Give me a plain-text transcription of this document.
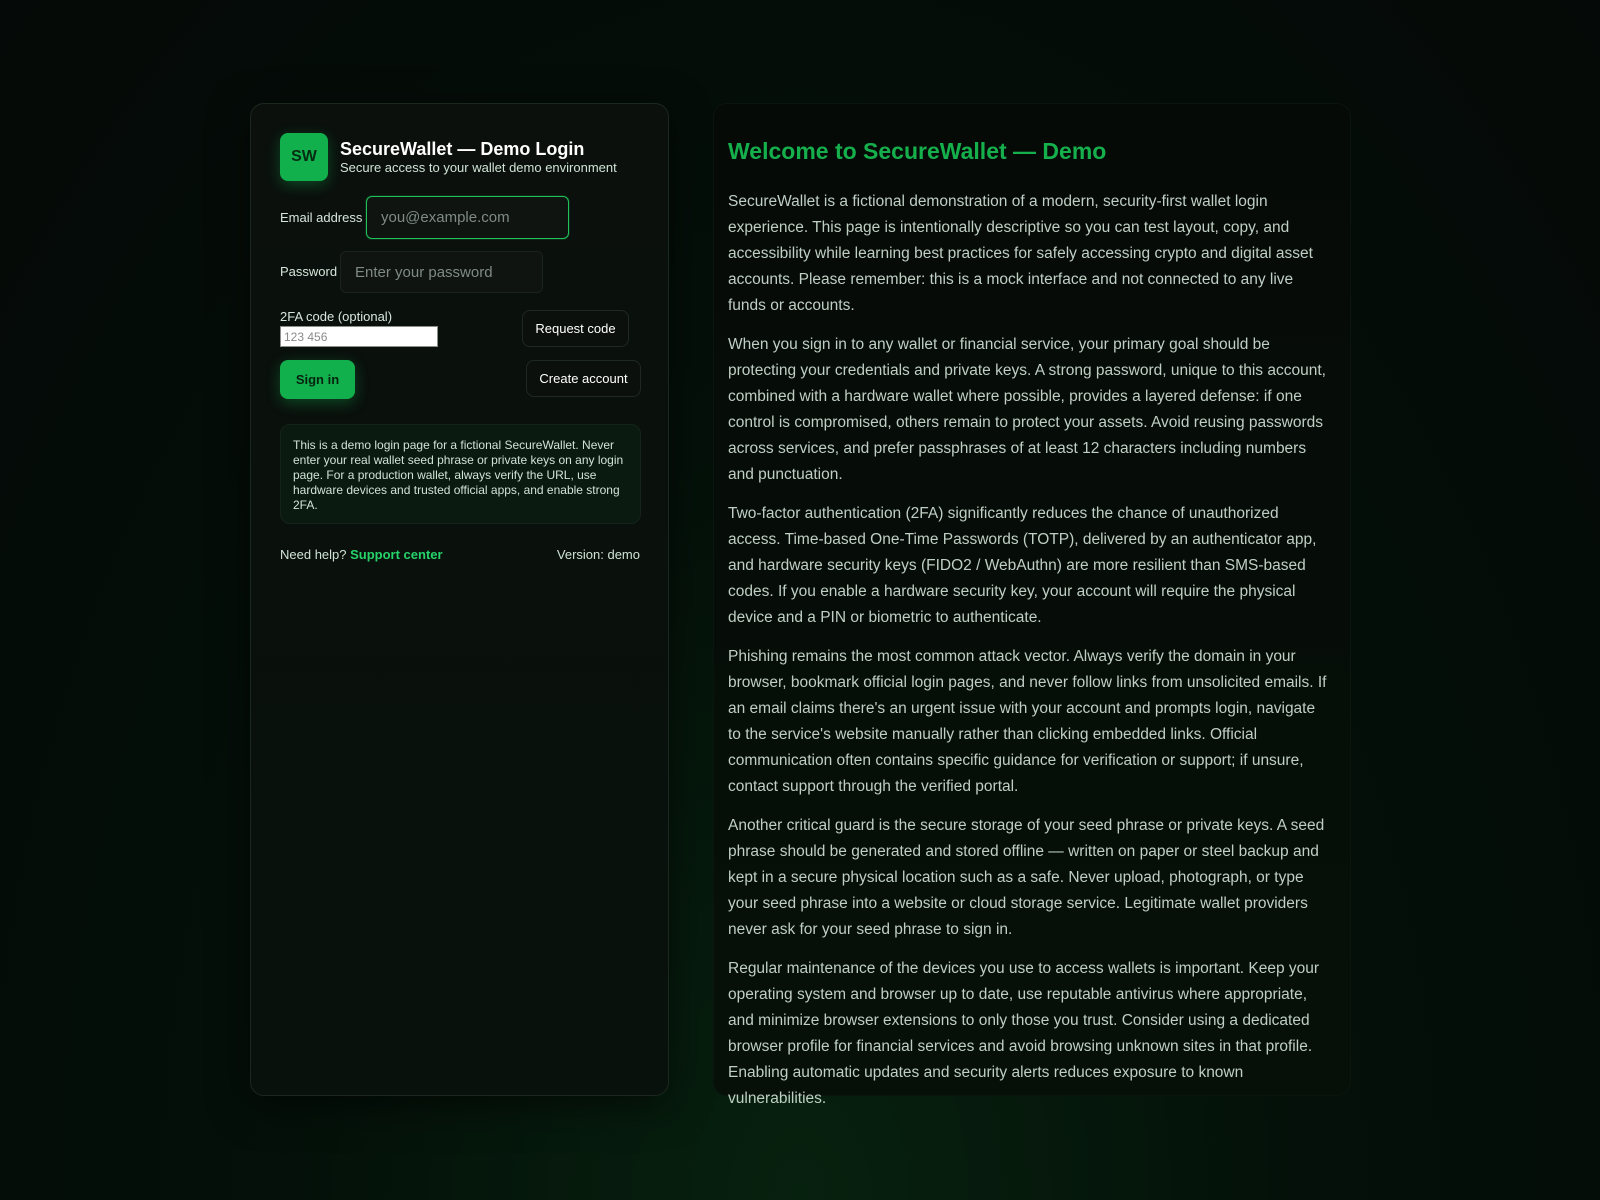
SW	SecureWallet — Demo Login
Secure access to your wallet demo environment
Email address
you@example.com
Password
2FA code (optional)
123 456
Request code
Sign in	Create account
This is a demo login page for a fictional SecureWallet. Never enter your real wallet seed phrase or private keys on any login page. For a production wallet, always verify the URL, use hardware devices and trusted official apps, and enable strong 2FA.
Need help? Support center	Version: demo
Welcome to SecureWallet — Demo

SecureWallet is a fictional demonstration of a modern, security-first wallet login experience. This page is intentionally descriptive so you can test layout, copy, and accessibility while learning best practices for safely accessing crypto and digital asset accounts. Please remember: this is a mock interface and not connected to any live funds or accounts.

When you sign in to any wallet or financial service, your primary goal should be protecting your credentials and private keys. A strong password, unique to this account, combined with a hardware wallet where possible, provides a layered defense: if one control is compromised, others remain to protect your assets. Avoid reusing passwords across services, and prefer passphrases of at least 12 characters including numbers and punctuation.

Two-factor authentication (2FA) significantly reduces the chance of unauthorized access. Time-based One-Time Passwords (TOTP), delivered by an authenticator app, and hardware security keys (FIDO2 / WebAuthn) are more resilient than SMS-based codes. If you enable a hardware security key, your account will require the physical device and a PIN or biometric to authenticate.

Phishing remains the most common attack vector. Always verify the domain in your browser, bookmark official login pages, and never follow links from unsolicited emails. If an email claims there's an urgent issue with your account and prompts login, navigate to the service's website manually rather than clicking embedded links. Official communication often contains specific guidance for verification or support; if unsure, contact support through the verified portal.

Another critical guard is the secure storage of your seed phrase or private keys. A seed phrase should be generated and stored offline — written on paper or steel backup and kept in a secure physical location such as a safe. Never upload, photograph, or type your seed phrase into a website or cloud storage service. Legitimate wallet providers never ask for your seed phrase to sign in.

Regular maintenance of the devices you use to access wallets is important. Keep your operating system and browser up to date, use reputable antivirus where appropriate, and minimize browser extensions to only those you trust. Consider using a dedicated browser profile for financial services and avoid browsing unknown sites in that profile. Enabling automatic updates and security alerts reduces exposure to known vulnerabilities.
